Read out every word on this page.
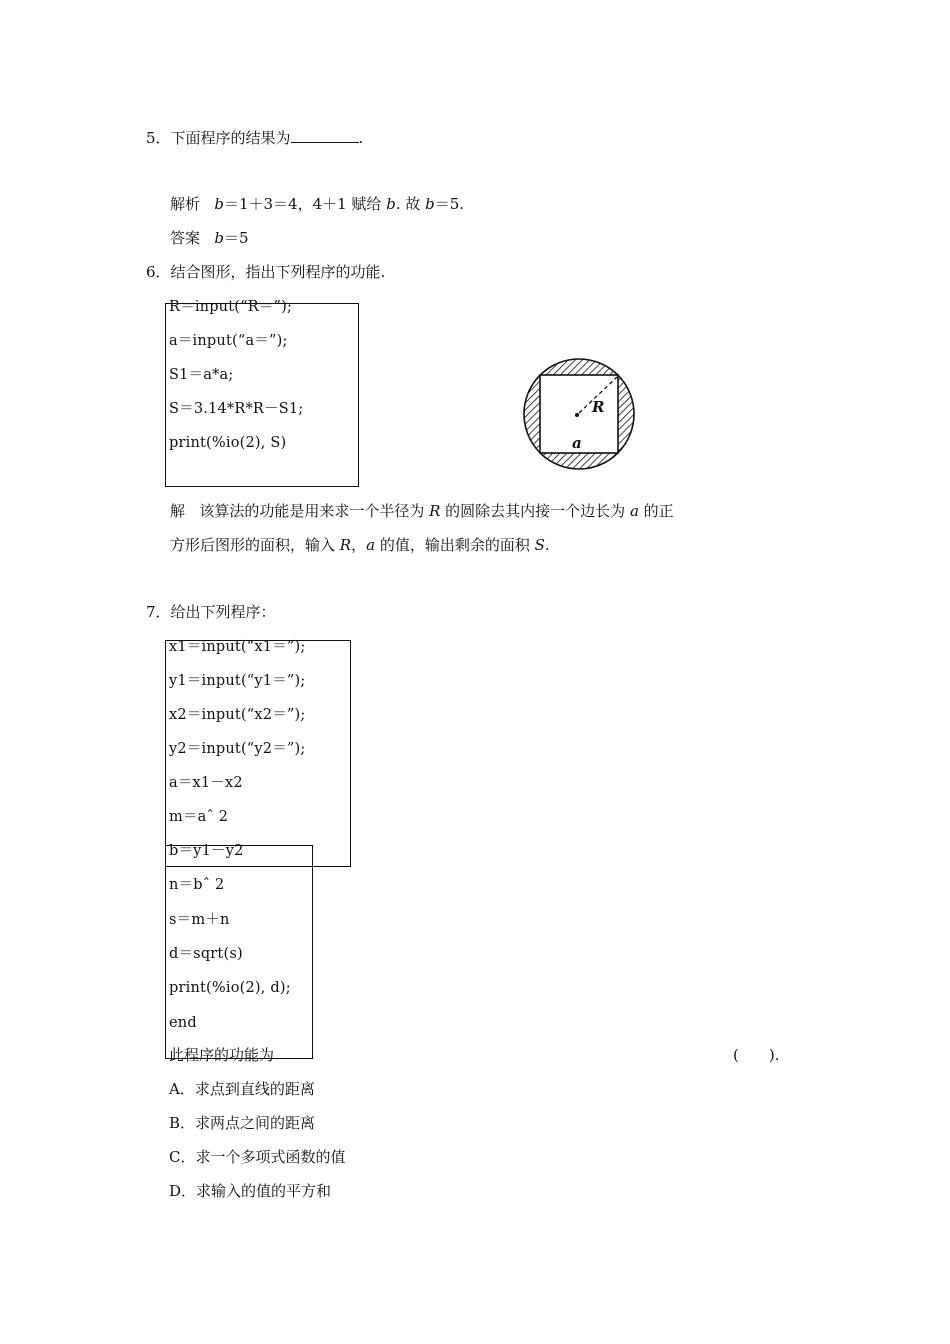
5．下面程序的结果为	.
解析 b＝1＋3＝4，4＋1 赋给 b. 故 b＝5.
答案 b＝5
6．结合图形，指出下列程序的功能.
R＝input(“R＝”);
a＝input(“a＝”);
S1＝a*a;
S＝3.14*R*R－S1;
print(%io(2), S)
R
a
解 该算法的功能是用来求一个半径为 R 的圆除去其内接一个边长为 a 的正
方形后图形的面积，输入 R，a 的值，输出剩余的面积 S.
7．给出下列程序：
x1＝input(“x1＝”);
y1＝input(“y1＝”);
x2＝input(“x2＝”);
y2＝input(“y2＝”);
a＝x1－x2
m＝aˆ 2
b＝y1－y2
n＝bˆ 2
s＝m＋n
d＝sqrt(s)
print(%io(2), d);
end
此程序的功能为	(　　).
A．求点到直线的距离
B．求两点之间的距离
C．求一个多项式函数的值
D．求输入的值的平方和
